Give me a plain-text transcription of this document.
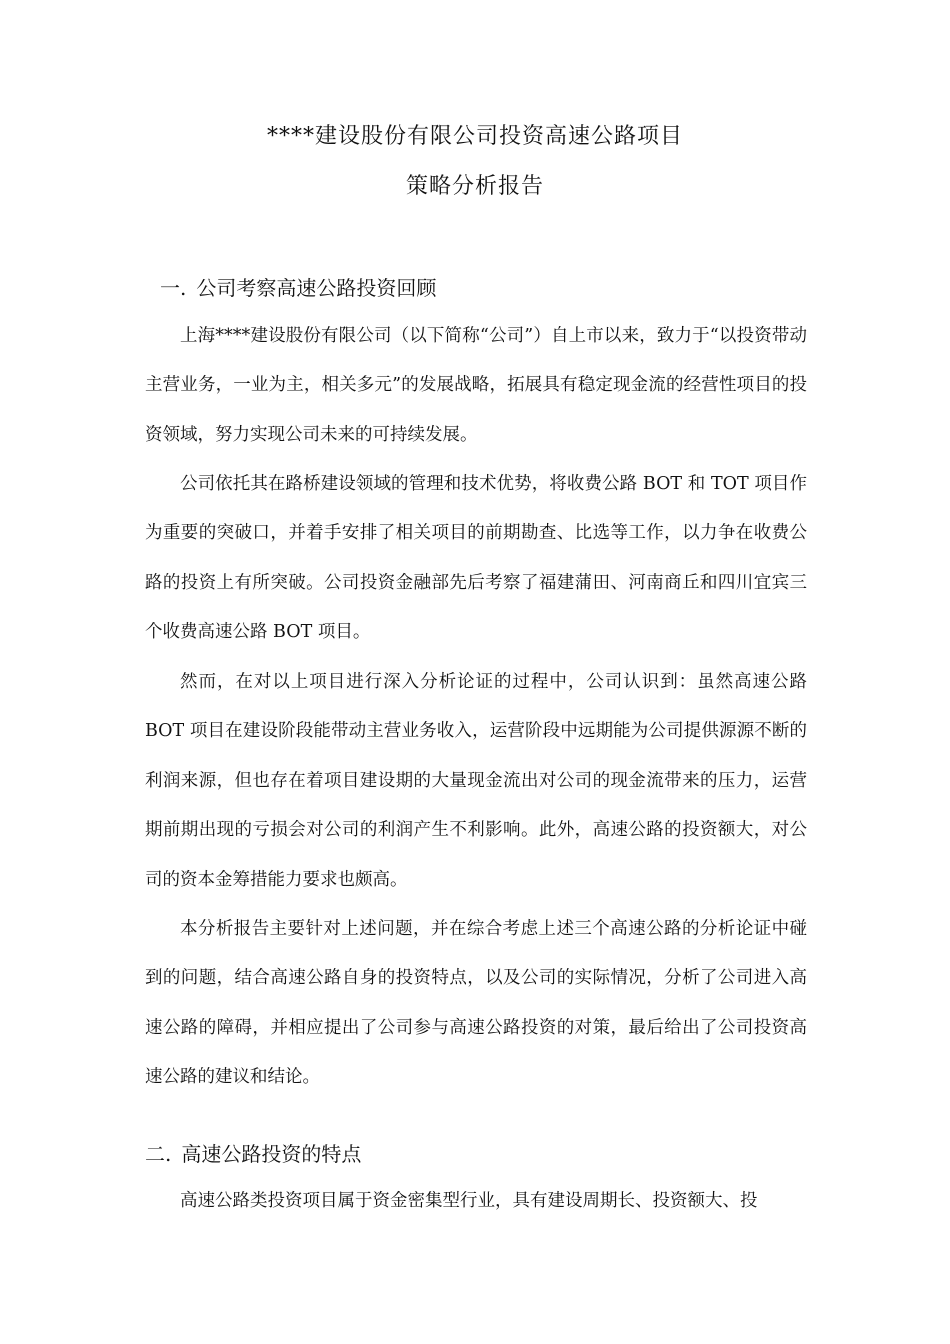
****建设股份有限公司投资高速公路项目
策略分析报告
一. 公司考察高速公路投资回顾
上海****建设股份有限公司（以下简称“公司”）自上市以来，致力于“以投资带动主营业务，一业为主，相关多元”的发展战略，拓展具有稳定现金流的经营性项目的投资领域，努力实现公司未来的可持续发展。
公司依托其在路桥建设领域的管理和技术优势，将收费公路 BOT 和 TOT 项目作为重要的突破口，并着手安排了相关项目的前期勘查、比选等工作，以力争在收费公路的投资上有所突破。公司投资金融部先后考察了福建蒲田、河南商丘和四川宜宾三个收费高速公路 BOT 项目。
然而，在对以上项目进行深入分析论证的过程中，公司认识到：虽然高速公路 BOT 项目在建设阶段能带动主营业务收入，运营阶段中远期能为公司提供源源不断的利润来源，但也存在着项目建设期的大量现金流出对公司的现金流带来的压力，运营期前期出现的亏损会对公司的利润产生不利影响。此外，高速公路的投资额大，对公司的资本金筹措能力要求也颇高。
本分析报告主要针对上述问题，并在综合考虑上述三个高速公路的分析论证中碰到的问题，结合高速公路自身的投资特点，以及公司的实际情况，分析了公司进入高速公路的障碍，并相应提出了公司参与高速公路投资的对策，最后给出了公司投资高速公路的建议和结论。
二. 高速公路投资的特点
高速公路类投资项目属于资金密集型行业，具有建设周期长、投资额大、投
